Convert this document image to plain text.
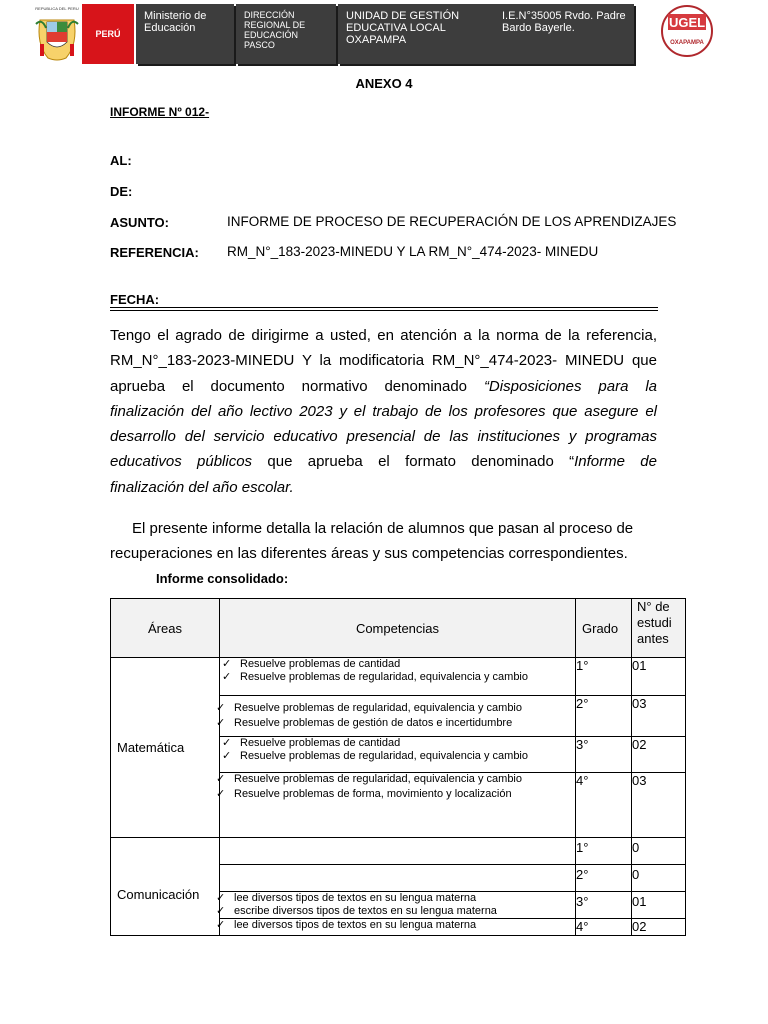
REPUBLICA DEL PERU
PERÚ
Ministerio de
Educación
DIRECCIÓN
REGIONAL DE
EDUCACIÓN
PASCO
UNIDAD DE GESTIÓN
EDUCATIVA LOCAL
OXAPAMPA
I.E.N°35005 Rvdo. Padre
Bardo Bayerle.	UGEL
OXAPAMPA
ANEXO 4
INFORME Nº 012-
AL:
DE:
ASUNTO:	INFORME DE PROCESO DE RECUPERACIÓN DE LOS APRENDIZAJES
REFERENCIA: RM_N°_183-2023-MINEDU Y LA RM_N°_474-2023- MINEDU
FECHA:
Tengo el agrado de dirigirme a usted, en atención a la norma de la referencia,
RM_N°_183-2023-MINEDU Y la modificatoria RM_N°_474-2023- MINEDU que
aprueba el documento normativo denominado “Disposiciones para la
finalización del año lectivo 2023 y el trabajo de los profesores que asegure el
desarrollo del servicio educativo presencial de las instituciones y programas
educativos públicos que aprueba el formato denominado “Informe de
finalización del año escolar.
El presente informe detalla la relación de alumnos que pasan al proceso de
recuperaciones en las diferentes áreas y sus competencias correspondientes.
Informe consolidado:
Áreas	Competencias	Grado	N° de
estudi
antes

Matemática	✓ Resuelve problemas de cantidad
✓ Resuelve problemas de regularidad, equivalencia y cambio	1°	01

	✓ Resuelve problemas de regularidad, equivalencia y cambio
✓ Resuelve problemas de gestión de datos e incertidumbre	2°	03

	✓ Resuelve problemas de cantidad
✓ Resuelve problemas de regularidad, equivalencia y cambio	3°	02

	✓ Resuelve problemas de regularidad, equivalencia y cambio
✓ Resuelve problemas de forma, movimiento y localización	4°	03

Comunicación		1°	0
		2°	0

	✓ lee diversos tipos de textos en su lengua materna
✓ escribe diversos tipos de textos en su lengua materna	3°	01

	✓ lee diversos tipos de textos en su lengua materna	4°	02
